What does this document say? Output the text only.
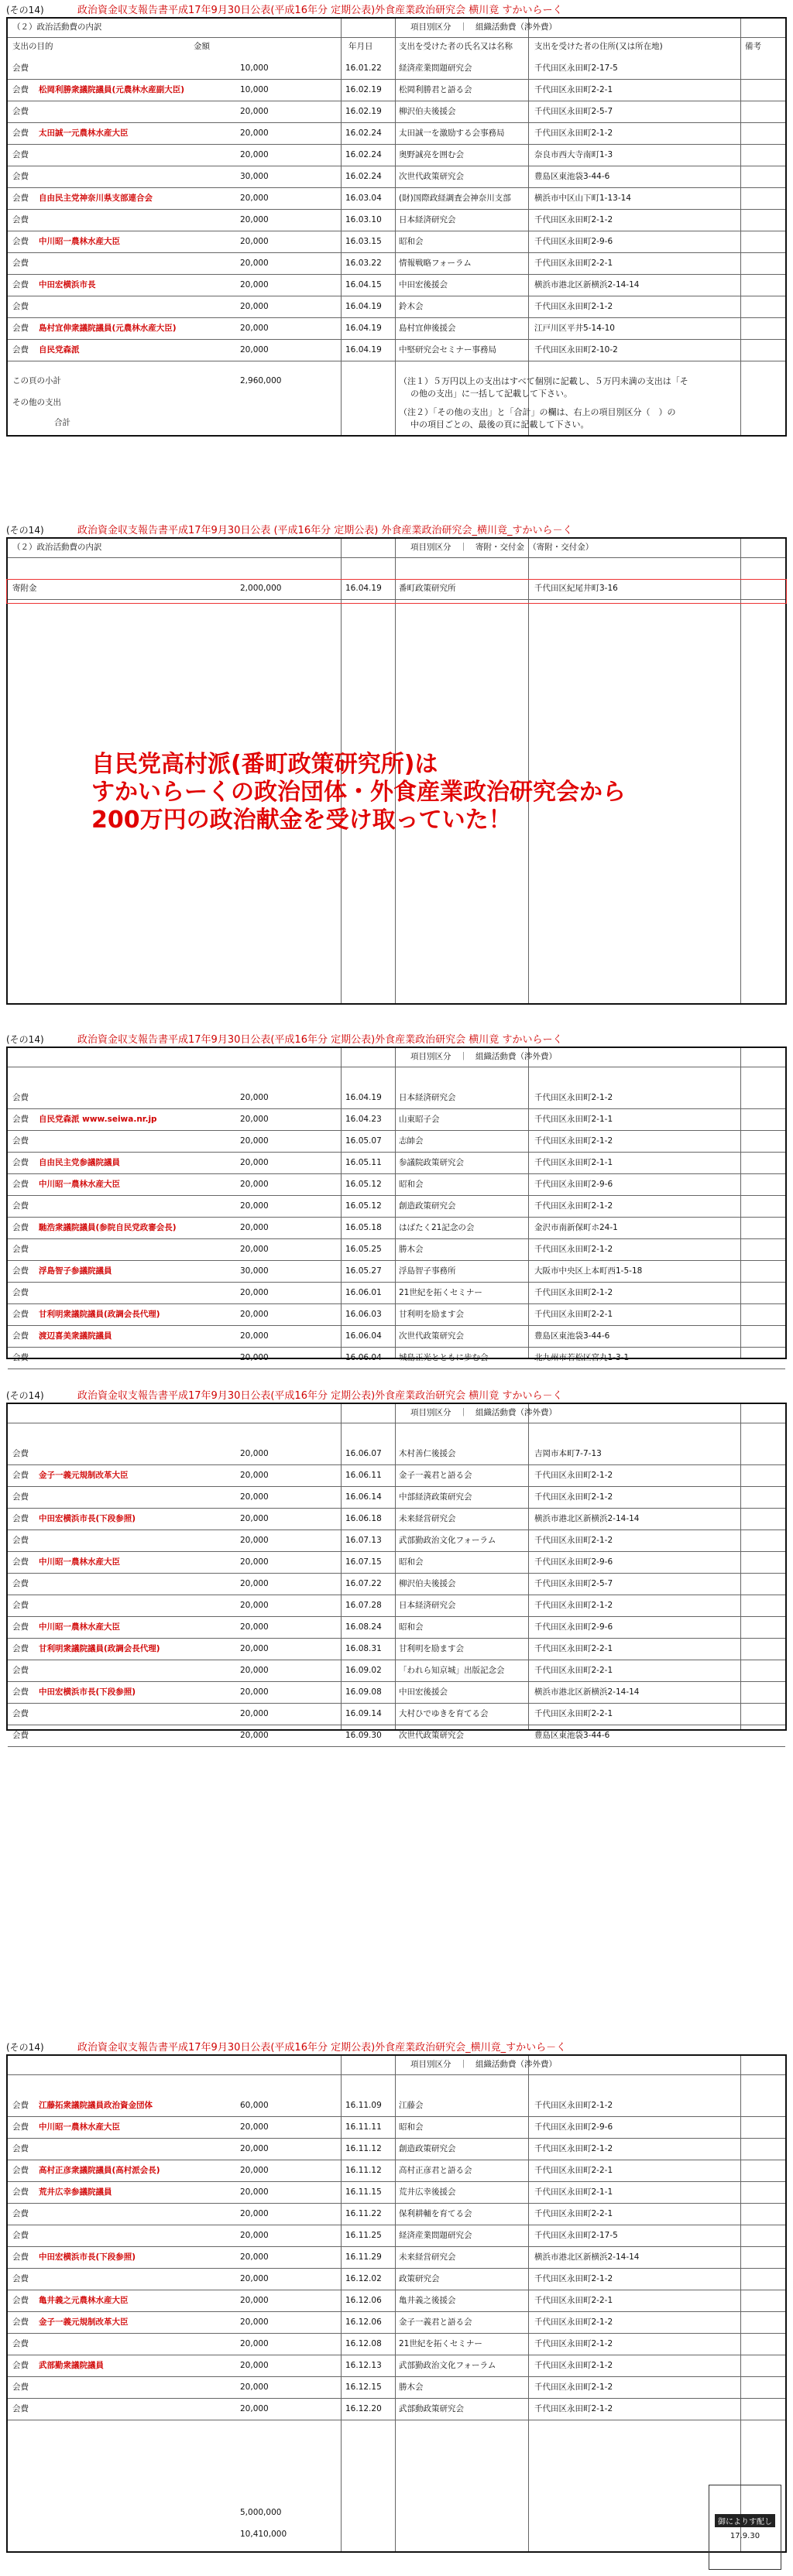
(その14)	政治資金収支報告書平成17年9月30日公表(平成16年分 定期公表)外食産業政治研究会 横川竟 すかいらーく
（２）政治活動費の内訳	項目別区分　｜　組織活動費（渉外費）
支出の目的	金額	年月日	支出を受けた者の氏名又は名称	支出を受けた者の住所(又は所在地)	備考
会費	10,000	16.01.22	経済産業問題研究会	千代田区永田町2-17-5
会費	松岡利勝衆議院議員(元農林水産副大臣)	10,000	16.02.19	松岡利勝君と語る会	千代田区永田町2-2-1
会費	20,000	16.02.19	柳沢伯夫後援会	千代田区永田町2-5-7
会費	太田誠一元農林水産大臣	20,000	16.02.24	太田誠一を激励する会事務局	千代田区永田町2-1-2
会費	20,000	16.02.24	奥野誠亮を囲む会	奈良市西大寺南町1-3
会費	30,000	16.02.24	次世代政策研究会	豊島区東池袋3-44-6
会費	自由民主党神奈川県支部連合会	20,000	16.03.04	(財)国際政経調査会神奈川支部	横浜市中区山下町1-13-14
会費	20,000	16.03.10	日本経済研究会	千代田区永田町2-1-2
会費	中川昭一農林水産大臣	20,000	16.03.15	昭和会	千代田区永田町2-9-6
会費	20,000	16.03.22	情報戦略フォーラム	千代田区永田町2-2-1
会費	中田宏横浜市長	20,000	16.04.15	中田宏後援会	横浜市港北区新横浜2-14-14
会費	20,000	16.04.19	鈴木会	千代田区永田町2-1-2
会費	島村宜伸衆議院議員(元農林水産大臣)	20,000	16.04.19	島村宜伸後援会	江戸川区平井5-14-10
会費	自民党森派	20,000	16.04.19	中堅研究会セミナー事務局	千代田区永田町2-10-2
この頁の小計	2,960,000
その他の支出
合計
（注１）５万円以上の支出はすべて個別に記載し、５万円未満の支出は「そ
の他の支出」に一括して記載して下さい。
（注２）「その他の支出」と「合計」の欄は、右上の項目別区分（　）の
中の項目ごとの、最後の頁に記載して下さい。
(その14)	政治資金収支報告書平成17年9月30日公表 (平成16年分 定期公表) 外食産業政治研究会_横川竟_すかいら－く
（２）政治活動費の内訳	項目別区分　｜　寄附・交付金　（寄附・交付金）
寄附金	2,000,000	16.04.19	番町政策研究所	千代田区紀尾井町3-16
自民党高村派(番町政策研究所)は
すかいらーくの政治団体・外食産業政治研究会から
200万円の政治献金を受け取っていた！
(その14)	政治資金収支報告書平成17年9月30日公表(平成16年分 定期公表)外食産業政治研究会 横川竟 すかいらーく
項目別区分　｜　組織活動費（渉外費）
会費	20,000	16.04.19	日本経済研究会	千代田区永田町2-1-2
会費	自民党森派 www.seiwa.nr.jp	20,000	16.04.23	山東昭子会	千代田区永田町2-1-1
会費	20,000	16.05.07	志帥会	千代田区永田町2-1-2
会費	自由民主党参議院議員	20,000	16.05.11	参議院政策研究会	千代田区永田町2-1-1
会費	中川昭一農林水産大臣	20,000	16.05.12	昭和会	千代田区永田町2-9-6
会費	20,000	16.05.12	創造政策研究会	千代田区永田町2-1-2
会費	馳浩衆議院議員(参院自民党政審会長)	20,000	16.05.18	はばたく21記念の会	金沢市南新保町ホ24-1
会費	20,000	16.05.25	勝木会	千代田区永田町2-1-2
会費	浮島智子参議院議員	30,000	16.05.27	浮島智子事務所	大阪市中央区上本町西1-5-18
会費	20,000	16.06.01	21世紀を拓くセミナー	千代田区永田町2-1-2
会費	甘利明衆議院議員(政調会長代理)	20,000	16.06.03	甘利明を励ます会	千代田区永田町2-2-1
会費	渡辺喜美衆議院議員	20,000	16.06.04	次世代政策研究会	豊島区東池袋3-44-6
会費	20,000	16.06.04	城島正光とともに歩む会	北九州市若松区宮丸1-3-1
(その14)	政治資金収支報告書平成17年9月30日公表(平成16年分 定期公表)外食産業政治研究会 横川竟 すかいら－く
項目別区分　｜　組織活動費（渉外費）
会費	20,000	16.06.07	木村善仁後援会	吉岡市本町7-7-13
会費	金子一義元規制改革大臣	20,000	16.06.11	金子一義君と語る会	千代田区永田町2-1-2
会費	20,000	16.06.14	中部経済政策研究会	千代田区永田町2-1-2
会費	中田宏横浜市長(下段参照)	20,000	16.06.18	未来経営研究会	横浜市港北区新横浜2-14-14
会費	20,000	16.07.13	武部勤政治文化フォーラム	千代田区永田町2-1-2
会費	中川昭一農林水産大臣	20,000	16.07.15	昭和会	千代田区永田町2-9-6
会費	20,000	16.07.22	柳沢伯夫後援会	千代田区永田町2-5-7
会費	20,000	16.07.28	日本経済研究会	千代田区永田町2-1-2
会費	中川昭一農林水産大臣	20,000	16.08.24	昭和会	千代田区永田町2-9-6
会費	甘利明衆議院議員(政調会長代理)	20,000	16.08.31	甘利明を励ます会	千代田区永田町2-2-1
会費	20,000	16.09.02	「われら知京城」出版記念会	千代田区永田町2-2-1
会費	中田宏横浜市長(下段参照)	20,000	16.09.08	中田宏後援会	横浜市港北区新横浜2-14-14
会費	20,000	16.09.14	大村ひでゆきを育てる会	千代田区永田町2-2-1
会費	20,000	16.09.30	次世代政策研究会	豊島区東池袋3-44-6
(その14)	政治資金収支報告書平成17年9月30日公表(平成16年分 定期公表)外食産業政治研究会_横川竟_すかいら－く
項目別区分　｜　組織活動費（渉外費）
会費	江藤拓衆議院議員政治資金団体	60,000	16.11.09	江藤会	千代田区永田町2-1-2
会費	中川昭一農林水産大臣	20,000	16.11.11	昭和会	千代田区永田町2-9-6
会費	20,000	16.11.12	創造政策研究会	千代田区永田町2-1-2
会費	高村正彦衆議院議員(高村派会長)	20,000	16.11.12	高村正彦君と語る会	千代田区永田町2-2-1
会費	荒井広幸参議院議員	20,000	16.11.15	荒井広幸後援会	千代田区永田町2-1-1
会費	20,000	16.11.22	保利耕輔を育てる会	千代田区永田町2-2-1
会費	20,000	16.11.25	経済産業問題研究会	千代田区永田町2-17-5
会費	中田宏横浜市長(下段参照)	20,000	16.11.29	未来経営研究会	横浜市港北区新横浜2-14-14
会費	20,000	16.12.02	政策研究会	千代田区永田町2-1-2
会費	亀井義之元農林水産大臣	20,000	16.12.06	亀井義之後援会	千代田区永田町2-2-1
会費	金子一義元規制改革大臣	20,000	16.12.06	金子一義君と語る会	千代田区永田町2-1-2
会費	20,000	16.12.08	21世紀を拓くセミナー	千代田区永田町2-1-2
会費	武部勤衆議院議員	20,000	16.12.13	武部勤政治文化フォーラム	千代田区永田町2-1-2
会費	20,000	16.12.15	勝木会	千代田区永田町2-1-2
会費	20,000	16.12.20	武部動政策研究会	千代田区永田町2-1-2
5,000,000
10,410,000
御によりす配し
17.9.30
